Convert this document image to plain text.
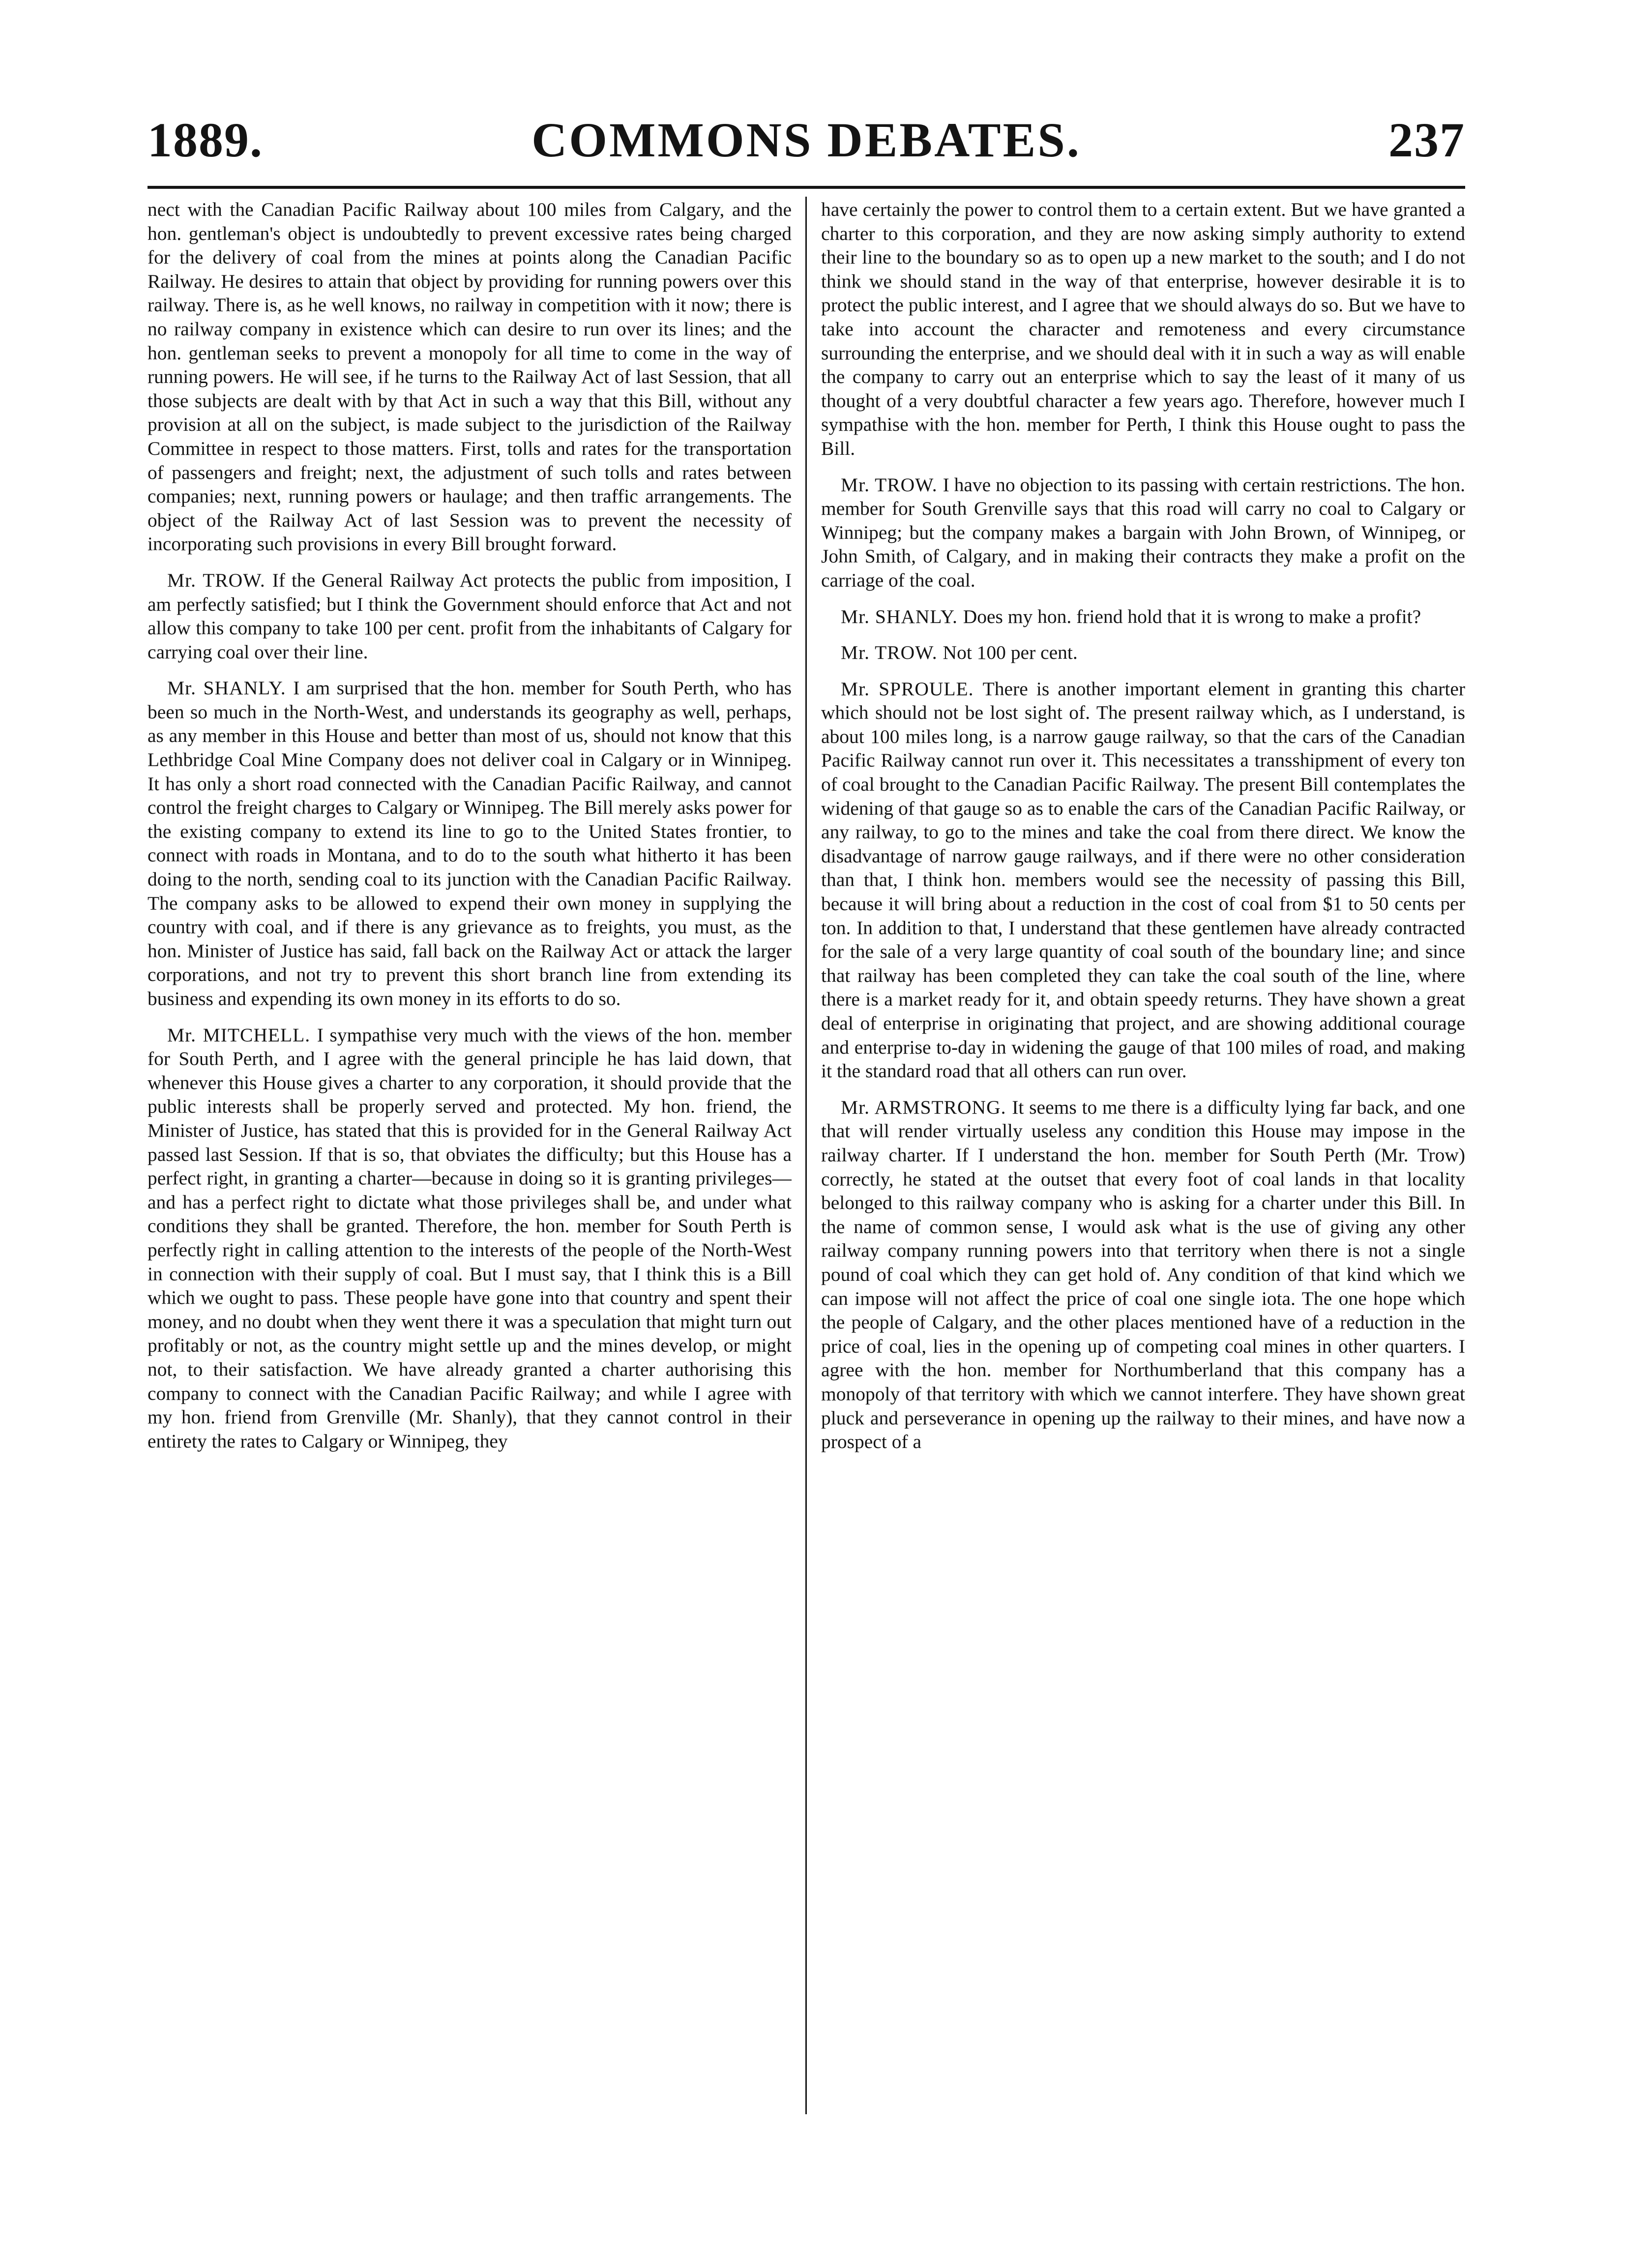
1889.	COMMONS DEBATES.	237

nect with the Canadian Pacific Railway about 100 miles from Calgary, and the hon. gentleman's object is undoubtedly to prevent excessive rates being charged for the delivery of coal from the mines at points along the Canadian Pacific Railway. He desires to attain that object by providing for running powers over this railway. There is, as he well knows, no railway in competition with it now; there is no railway company in existence which can desire to run over its lines; and the hon. gentleman seeks to prevent a monopoly for all time to come in the way of running powers. He will see, if he turns to the Railway Act of last Session, that all those subjects are dealt with by that Act in such a way that this Bill, without any provision at all on the subject, is made subject to the jurisdiction of the Railway Committee in respect to those matters. First, tolls and rates for the transportation of passengers and freight; next, the adjustment of such tolls and rates between companies; next, running powers or haulage; and then traffic arrangements. The object of the Railway Act of last Session was to prevent the necessity of incorporating such provisions in every Bill brought forward.

Mr. TROW. If the General Railway Act protects the public from imposition, I am perfectly satisfied; but I think the Government should enforce that Act and not allow this company to take 100 per cent. profit from the inhabitants of Calgary for carrying coal over their line.

Mr. SHANLY. I am surprised that the hon. member for South Perth, who has been so much in the North-West, and understands its geography as well, perhaps, as any member in this House and better than most of us, should not know that this Lethbridge Coal Mine Company does not deliver coal in Calgary or in Winnipeg. It has only a short road connected with the Canadian Pacific Railway, and cannot control the freight charges to Calgary or Winnipeg. The Bill merely asks power for the existing company to extend its line to go to the United States frontier, to connect with roads in Montana, and to do to the south what hitherto it has been doing to the north, sending coal to its junction with the Canadian Pacific Railway. The company asks to be allowed to expend their own money in supplying the country with coal, and if there is any grievance as to freights, you must, as the hon. Minister of Justice has said, fall back on the Railway Act or attack the larger corporations, and not try to prevent this short branch line from extending its business and expending its own money in its efforts to do so.

Mr. MITCHELL. I sympathise very much with the views of the hon. member for South Perth, and I agree with the general principle he has laid down, that whenever this House gives a charter to any corporation, it should provide that the public interests shall be properly served and protected. My hon. friend, the Minister of Justice, has stated that this is provided for in the General Railway Act passed last Session. If that is so, that obviates the difficulty; but this House has a perfect right, in granting a charter—because in doing so it is granting privileges—and has a perfect right to dictate what those privileges shall be, and under what conditions they shall be granted. Therefore, the hon. member for South Perth is perfectly right in calling attention to the interests of the people of the North-West in connection with their supply of coal. But I must say, that I think this is a Bill which we ought to pass. These people have gone into that country and spent their money, and no doubt when they went there it was a speculation that might turn out profitably or not, as the country might settle up and the mines develop, or might not, to their satisfaction. We have already granted a charter authorising this company to connect with the Canadian Pacific Railway; and while I agree with my hon. friend from Grenville (Mr. Shanly), that they cannot control in their entirety the rates to Calgary or Winnipeg, they

have certainly the power to control them to a certain extent. But we have granted a charter to this corporation, and they are now asking simply authority to extend their line to the boundary so as to open up a new market to the south; and I do not think we should stand in the way of that enterprise, however desirable it is to protect the public interest, and I agree that we should always do so. But we have to take into account the character and remoteness and every circumstance surrounding the enterprise, and we should deal with it in such a way as will enable the company to carry out an enterprise which to say the least of it many of us thought of a very doubtful character a few years ago. Therefore, however much I sympathise with the hon. member for Perth, I think this House ought to pass the Bill.

Mr. TROW. I have no objection to its passing with certain restrictions. The hon. member for South Grenville says that this road will carry no coal to Calgary or Winnipeg; but the company makes a bargain with John Brown, of Winnipeg, or John Smith, of Calgary, and in making their contracts they make a profit on the carriage of the coal.

Mr. SHANLY. Does my hon. friend hold that it is wrong to make a profit?

Mr. TROW. Not 100 per cent.

Mr. SPROULE. There is another important element in granting this charter which should not be lost sight of. The present railway which, as I understand, is about 100 miles long, is a narrow gauge railway, so that the cars of the Canadian Pacific Railway cannot run over it. This necessitates a transshipment of every ton of coal brought to the Canadian Pacific Railway. The present Bill contemplates the widening of that gauge so as to enable the cars of the Canadian Pacific Railway, or any railway, to go to the mines and take the coal from there direct. We know the disadvantage of narrow gauge railways, and if there were no other consideration than that, I think hon. members would see the necessity of passing this Bill, because it will bring about a reduction in the cost of coal from $1 to 50 cents per ton. In addition to that, I understand that these gentlemen have already contracted for the sale of a very large quantity of coal south of the boundary line; and since that railway has been completed they can take the coal south of the line, where there is a market ready for it, and obtain speedy returns. They have shown a great deal of enterprise in originating that project, and are showing additional courage and enterprise to-day in widening the gauge of that 100 miles of road, and making it the standard road that all others can run over.

Mr. ARMSTRONG. It seems to me there is a difficulty lying far back, and one that will render virtually useless any condition this House may impose in the railway charter. If I understand the hon. member for South Perth (Mr. Trow) correctly, he stated at the outset that every foot of coal lands in that locality belonged to this railway company who is asking for a charter under this Bill. In the name of common sense, I would ask what is the use of giving any other railway company running powers into that territory when there is not a single pound of coal which they can get hold of. Any condition of that kind which we can impose will not affect the price of coal one single iota. The one hope which the people of Calgary, and the other places mentioned have of a reduction in the price of coal, lies in the opening up of competing coal mines in other quarters. I agree with the hon. member for Northumberland that this company has a monopoly of that territory with which we cannot interfere. They have shown great pluck and perseverance in opening up the railway to their mines, and have now a prospect of a
